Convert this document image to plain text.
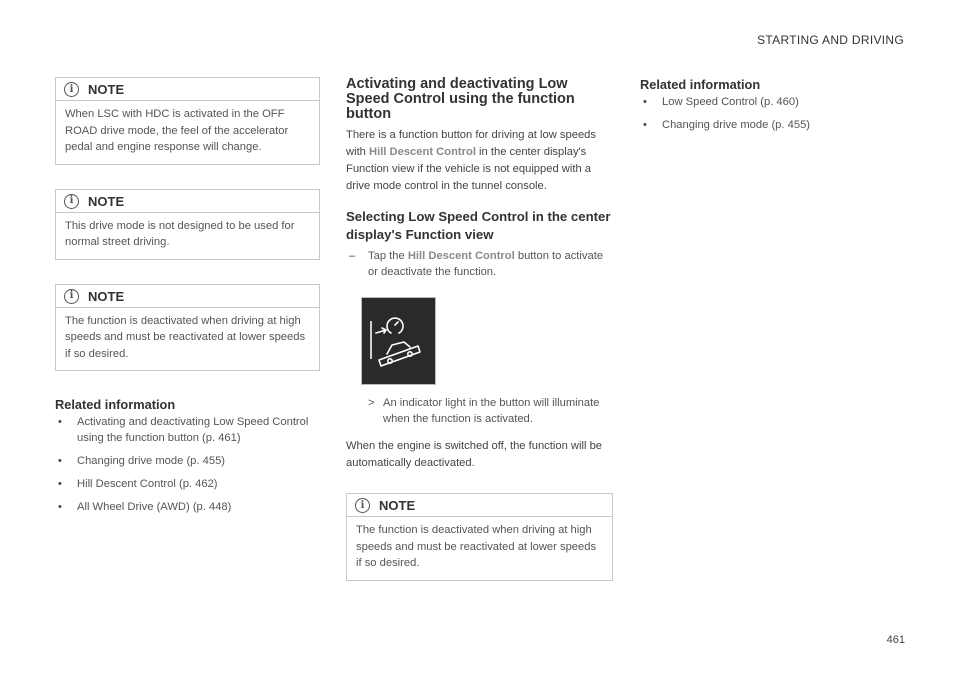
STARTING AND DRIVING
i	NOTE
When LSC with HDC is activated in the OFF ROAD drive mode, the feel of the accelerator pedal and engine response will change.
i	NOTE
This drive mode is not designed to be used for normal street driving.
i	NOTE
The function is deactivated when driving at high speeds and must be reactivated at lower speeds if so desired.
Related information
• Activating and deactivating Low Speed Control using the function button (p. 461)
• Changing drive mode (p. 455)
• Hill Descent Control (p. 462)
• All Wheel Drive (AWD) (p. 448)
Activating and deactivating Low Speed Control using the function button

There is a function button for driving at low speeds with Hill Descent Control in the center display's Function view if the vehicle is not equipped with a drive mode control in the tunnel console.

Selecting Low Speed Control in the center display's Function view
– Tap the Hill Descent Control button to activate or deactivate the function.
> An indicator light in the button will illuminate when the function is activated.

When the engine is switched off, the function will be automatically deactivated.

i	NOTE
The function is deactivated when driving at high speeds and must be reactivated at lower speeds if so desired.
Related information
• Low Speed Control (p. 460)
• Changing drive mode (p. 455)
461
